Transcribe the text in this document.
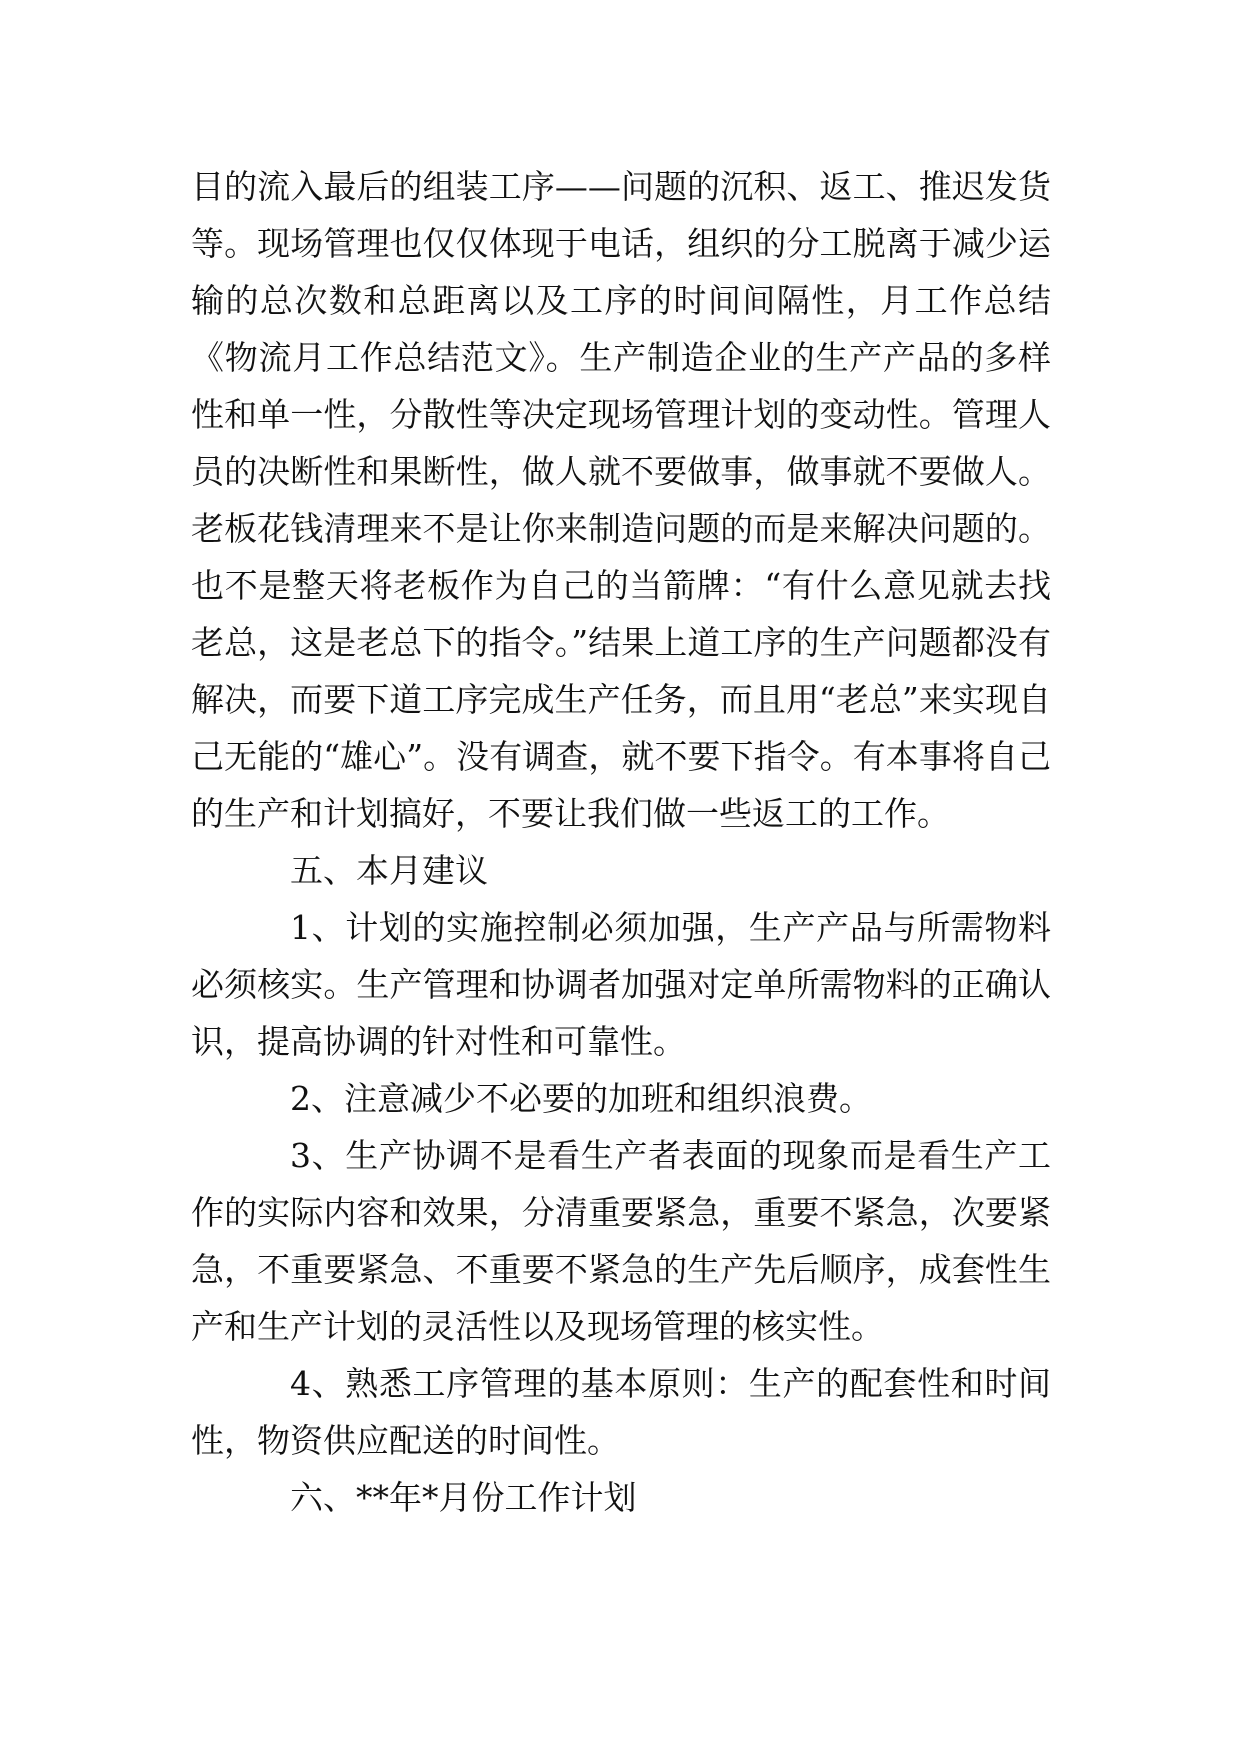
目的流入最后的组装工序——问题的沉积、返工、推迟发货等。现场管理也仅仅体现于电话，组织的分工脱离于减少运输的总次数和总距离以及工序的时间间隔性，月工作总结《物流月工作总结范文》。生产制造企业的生产产品的多样性和单一性，分散性等决定现场管理计划的变动性。管理人员的决断性和果断性，做人就不要做事，做事就不要做人。老板花钱清理来不是让你来制造问题的而是来解决问题的。也不是整天将老板作为自己的当箭牌：“有什么意见就去找老总，这是老总下的指令。”结果上道工序的生产问题都没有解决，而要下道工序完成生产任务，而且用“老总”来实现自己无能的“雄心”。没有调查，就不要下指令。有本事将自己的生产和计划搞好，不要让我们做一些返工的工作。

五、本月建议

1、计划的实施控制必须加强，生产产品与所需物料必须核实。生产管理和协调者加强对定单所需物料的正确认识，提高协调的针对性和可靠性。

2、注意减少不必要的加班和组织浪费。

3、生产协调不是看生产者表面的现象而是看生产工作的实际内容和效果，分清重要紧急，重要不紧急，次要紧急，不重要紧急、不重要不紧急的生产先后顺序，成套性生产和生产计划的灵活性以及现场管理的核实性。

4、熟悉工序管理的基本原则：生产的配套性和时间性，物资供应配送的时间性。

六、**年*月份工作计划
